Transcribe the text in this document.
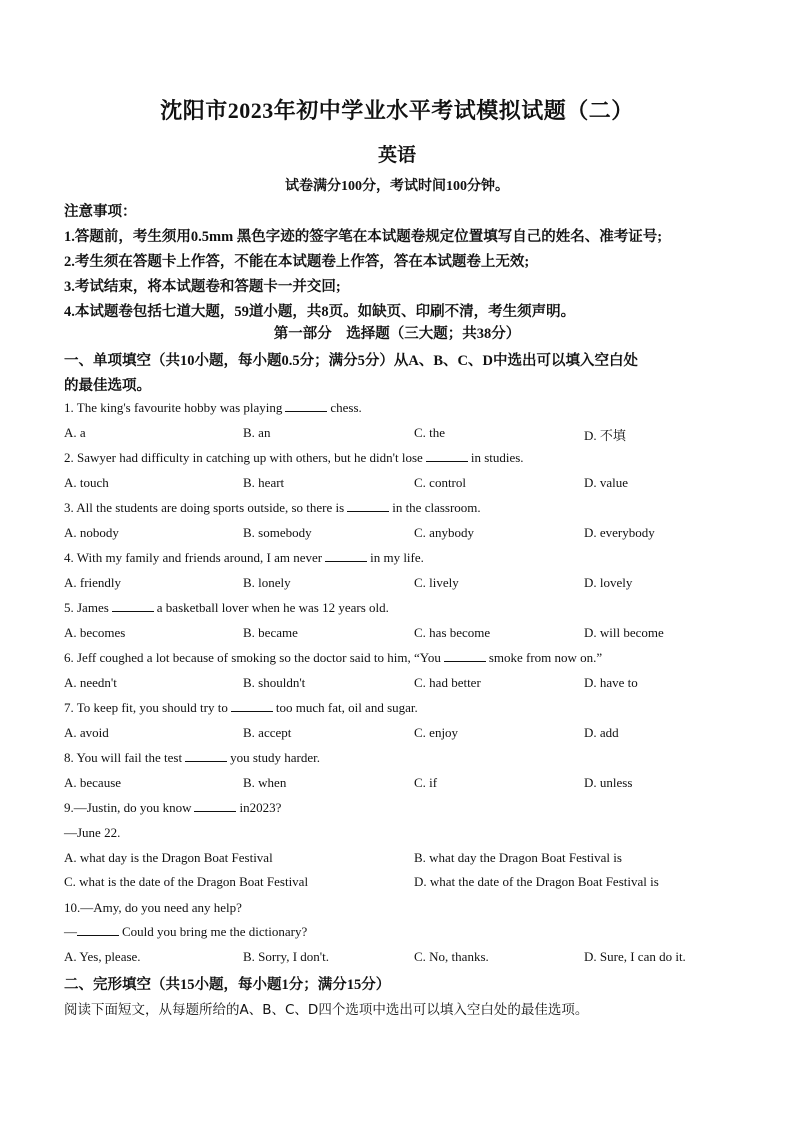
沈阳市2023年初中学业水平考试模拟试题（二）
英语
试卷满分100分，考试时间100分钟。
注意事项：
1.答题前，考生须用0.5mm 黑色字迹的签字笔在本试题卷规定位置填写自己的姓名、准考证号;
2.考生须在答题卡上作答，不能在本试题卷上作答，答在本试题卷上无效;
3.考试结束，将本试题卷和答题卡一并交回;
4.本试题卷包括七道大题，59道小题，共8页。如缺页、印刷不清，考生须声明。
第一部分　选择题（三大题；共38分）
一、单项填空（共10小题，每小题0.5分；满分5分）从A、B、C、D中选出可以填入空白处
的最佳选项。
1. The king's favourite hobby was playing	chess.
A. a	B. an	C. the	D. 不填
2. Sawyer had difficulty in catching up with others, but he didn't lose	in studies.
A. touch	B. heart	C. control	D. value
3. All the students are doing sports outside, so there is	in the classroom.
A. nobody	B. somebody	C. anybody	D. everybody
4. With my family and friends around, I am never	in my life.
A. friendly	B. lonely	C. lively	D. lovely
5. James	a basketball lover when he was 12 years old.
A. becomes	B. became	C. has become	D. will become
6. Jeff coughed a lot because of smoking so the doctor said to him, “You	smoke from now on.”
A. needn't	B. shouldn't	C. had better	D. have to
7. To keep fit, you should try to	too much fat, oil and sugar.
A. avoid	B. accept	C. enjoy	D. add
8. You will fail the test	you study harder.
A. because	B. when	C. if	D. unless
9.—Justin, do you know	in2023?
—June 22.
A. what day is the Dragon Boat Festival	B. what day the Dragon Boat Festival is
C. what is the date of the Dragon Boat Festival	D. what the date of the Dragon Boat Festival is
10.—Amy, do you need any help?
—	Could you bring me the dictionary?
A. Yes, please.	B. Sorry, I don't.	C. No, thanks.	D. Sure, I can do it.
二、完形填空（共15小题，每小题1分；满分15分）
阅读下面短文，从每题所给的A、B、C、D四个选项中选出可以填入空白处的最佳选项。
